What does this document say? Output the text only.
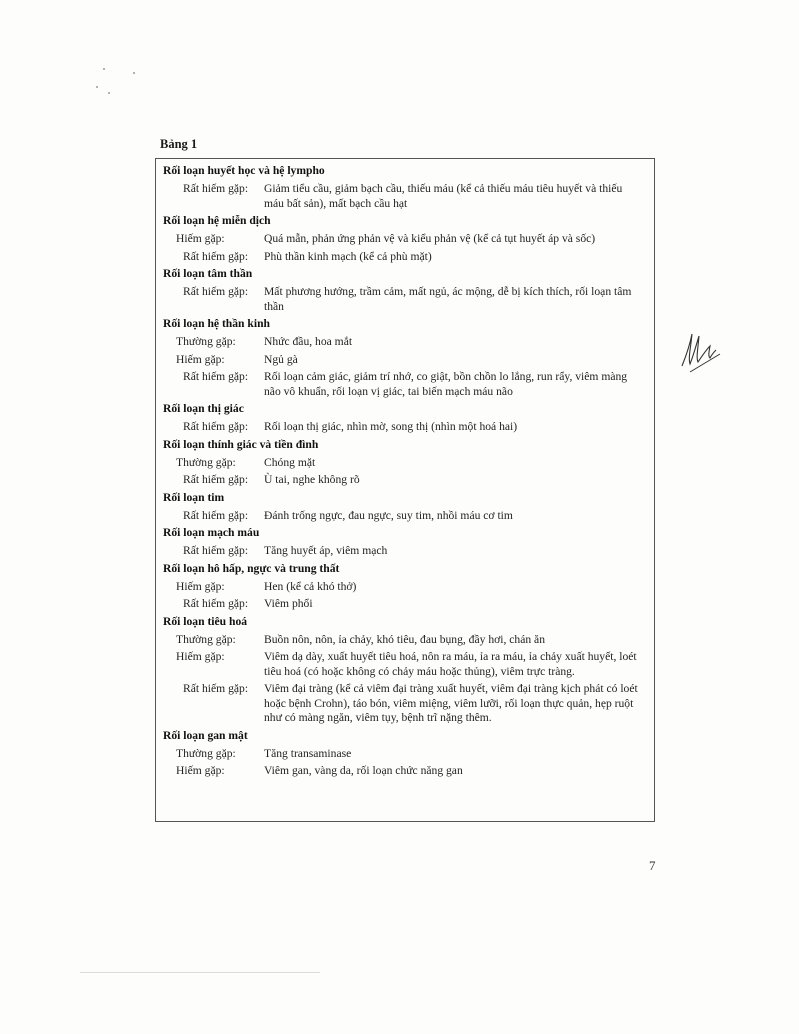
Bảng 1
Rối loạn huyết học và hệ lympho
Rất hiếm gặp:	Giảm tiểu cầu, giảm bạch cầu, thiếu máu (kể cả thiếu máu tiêu huyết và thiếu máu bất sản), mất bạch cầu hạt
Rối loạn hệ miễn dịch
Hiếm gặp:	Quá mẫn, phản ứng phản vệ và kiểu phản vệ (kể cả tụt huyết áp và sốc)
Rất hiếm gặp:	Phù thần kinh mạch (kể cả phù mặt)
Rối loạn tâm thần
Rất hiếm gặp:	Mất phương hướng, trầm cảm, mất ngủ, ác mộng, dễ bị kích thích, rối loạn tâm thần
Rối loạn hệ thần kinh
Thường gặp:	Nhức đầu, hoa mắt
Hiếm gặp:	Ngủ gà
Rất hiếm gặp:	Rối loạn cảm giác, giảm trí nhớ, co giật, bồn chồn lo lắng, run rẩy, viêm màng não vô khuẩn, rối loạn vị giác, tai biến mạch máu não
Rối loạn thị giác
Rất hiếm gặp:	Rối loạn thị giác, nhìn mờ, song thị (nhìn một hoá hai)
Rối loạn thính giác và tiền đình
Thường gặp:	Chóng mặt
Rất hiếm gặp:	Ù tai, nghe không rõ
Rối loạn tim
Rất hiếm gặp:	Đánh trống ngực, đau ngực, suy tim, nhồi máu cơ tim
Rối loạn mạch máu
Rất hiếm gặp:	Tăng huyết áp, viêm mạch
Rối loạn hô hấp, ngực và trung thất
Hiếm gặp:	Hen (kể cả khó thở)
Rất hiếm gặp:	Viêm phổi
Rối loạn tiêu hoá
Thường gặp:	Buồn nôn, nôn, ỉa chảy, khó tiêu, đau bụng, đầy hơi, chán ăn
Hiếm gặp:	Viêm dạ dày, xuất huyết tiêu hoá, nôn ra máu, ỉa ra máu, ỉa chảy xuất huyết, loét tiêu hoá (có hoặc không có chảy máu hoặc thủng), viêm trực tràng.
Rất hiếm gặp:	Viêm đại tràng (kể cả viêm đại tràng xuất huyết, viêm đại tràng kịch phát có loét hoặc bệnh Crohn), táo bón, viêm miệng, viêm lưỡi, rối loạn thực quản, hẹp ruột như có màng ngăn, viêm tụy, bệnh trĩ nặng thêm.
Rối loạn gan mật
Thường gặp:	Tăng transaminase
Hiếm gặp:	Viêm gan, vàng da, rối loạn chức năng gan
7
